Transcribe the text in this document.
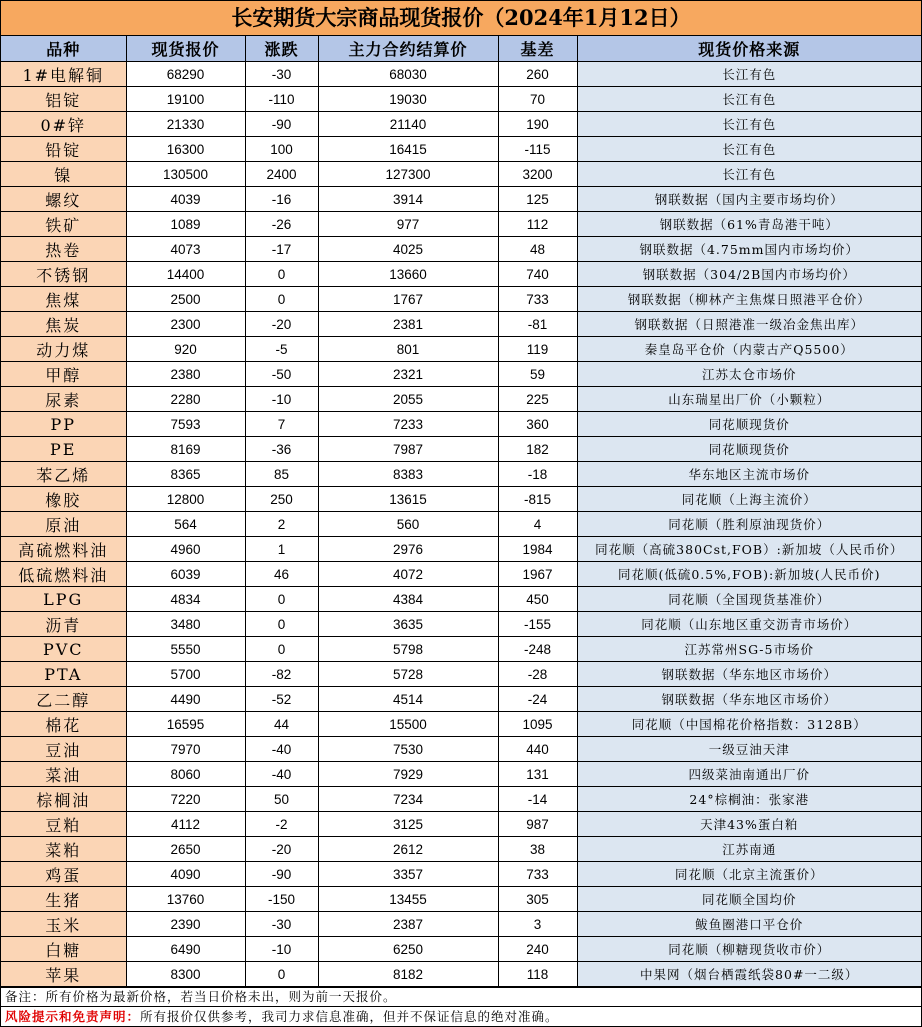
长安期货大宗商品现货报价（2024年1月12日）
品种	现货报价	涨跌	主力合约结算价	基差	现货价格来源
1#电解铜	68290	-30	68030	260	长江有色
铝锭	19100	-110	19030	70	长江有色
0#锌	21330	-90	21140	190	长江有色
铅锭	16300	100	16415	-115	长江有色
镍	130500	2400	127300	3200	长江有色
螺纹	4039	-16	3914	125	钢联数据（国内主要市场均价）
铁矿	1089	-26	977	112	钢联数据（61%青岛港干吨）
热卷	4073	-17	4025	48	钢联数据（4.75mm国内市场均价）
不锈钢	14400	0	13660	740	钢联数据（304/2B国内市场均价）
焦煤	2500	0	1767	733	钢联数据（柳林产主焦煤日照港平仓价）
焦炭	2300	-20	2381	-81	钢联数据（日照港准一级冶金焦出库）
动力煤	920	-5	801	119	秦皇岛平仓价（内蒙古产Q5500）
甲醇	2380	-50	2321	59	江苏太仓市场价
尿素	2280	-10	2055	225	山东瑞星出厂价（小颗粒）
PP	7593	7	7233	360	同花顺现货价
PE	8169	-36	7987	182	同花顺现货价
苯乙烯	8365	85	8383	-18	华东地区主流市场价
橡胶	12800	250	13615	-815	同花顺（上海主流价）
原油	564	2	560	4	同花顺（胜利原油现货价）
高硫燃料油	4960	1	2976	1984	同花顺（高硫380Cst,FOB）:新加坡（人民币价）
低硫燃料油	6039	46	4072	1967	同花顺(低硫0.5%,FOB):新加坡(人民币价)
LPG	4834	0	4384	450	同花顺（全国现货基准价）
沥青	3480	0	3635	-155	同花顺（山东地区重交沥青市场价）
PVC	5550	0	5798	-248	江苏常州SG-5市场价
PTA	5700	-82	5728	-28	钢联数据（华东地区市场价）
乙二醇	4490	-52	4514	-24	钢联数据（华东地区市场价）
棉花	16595	44	15500	1095	同花顺（中国棉花价格指数：3128B）
豆油	7970	-40	7530	440	一级豆油天津
菜油	8060	-40	7929	131	四级菜油南通出厂价
棕榈油	7220	50	7234	-14	24°棕榈油：张家港
豆粕	4112	-2	3125	987	天津43%蛋白粕
菜粕	2650	-20	2612	38	江苏南通
鸡蛋	4090	-90	3357	733	同花顺（北京主流蛋价）
生猪	13760	-150	13455	305	同花顺全国均价
玉米	2390	-30	2387	3	鲅鱼圈港口平仓价
白糖	6490	-10	6250	240	同花顺（柳糖现货收市价）
苹果	8300	0	8182	118	中果网（烟台栖霞纸袋80#一二级）
备注：所有价格为最新价格，若当日价格未出，则为前一天报价。
风险提示和免责声明：所有报价仅供参考，我司力求信息准确，但并不保证信息的绝对准确。
